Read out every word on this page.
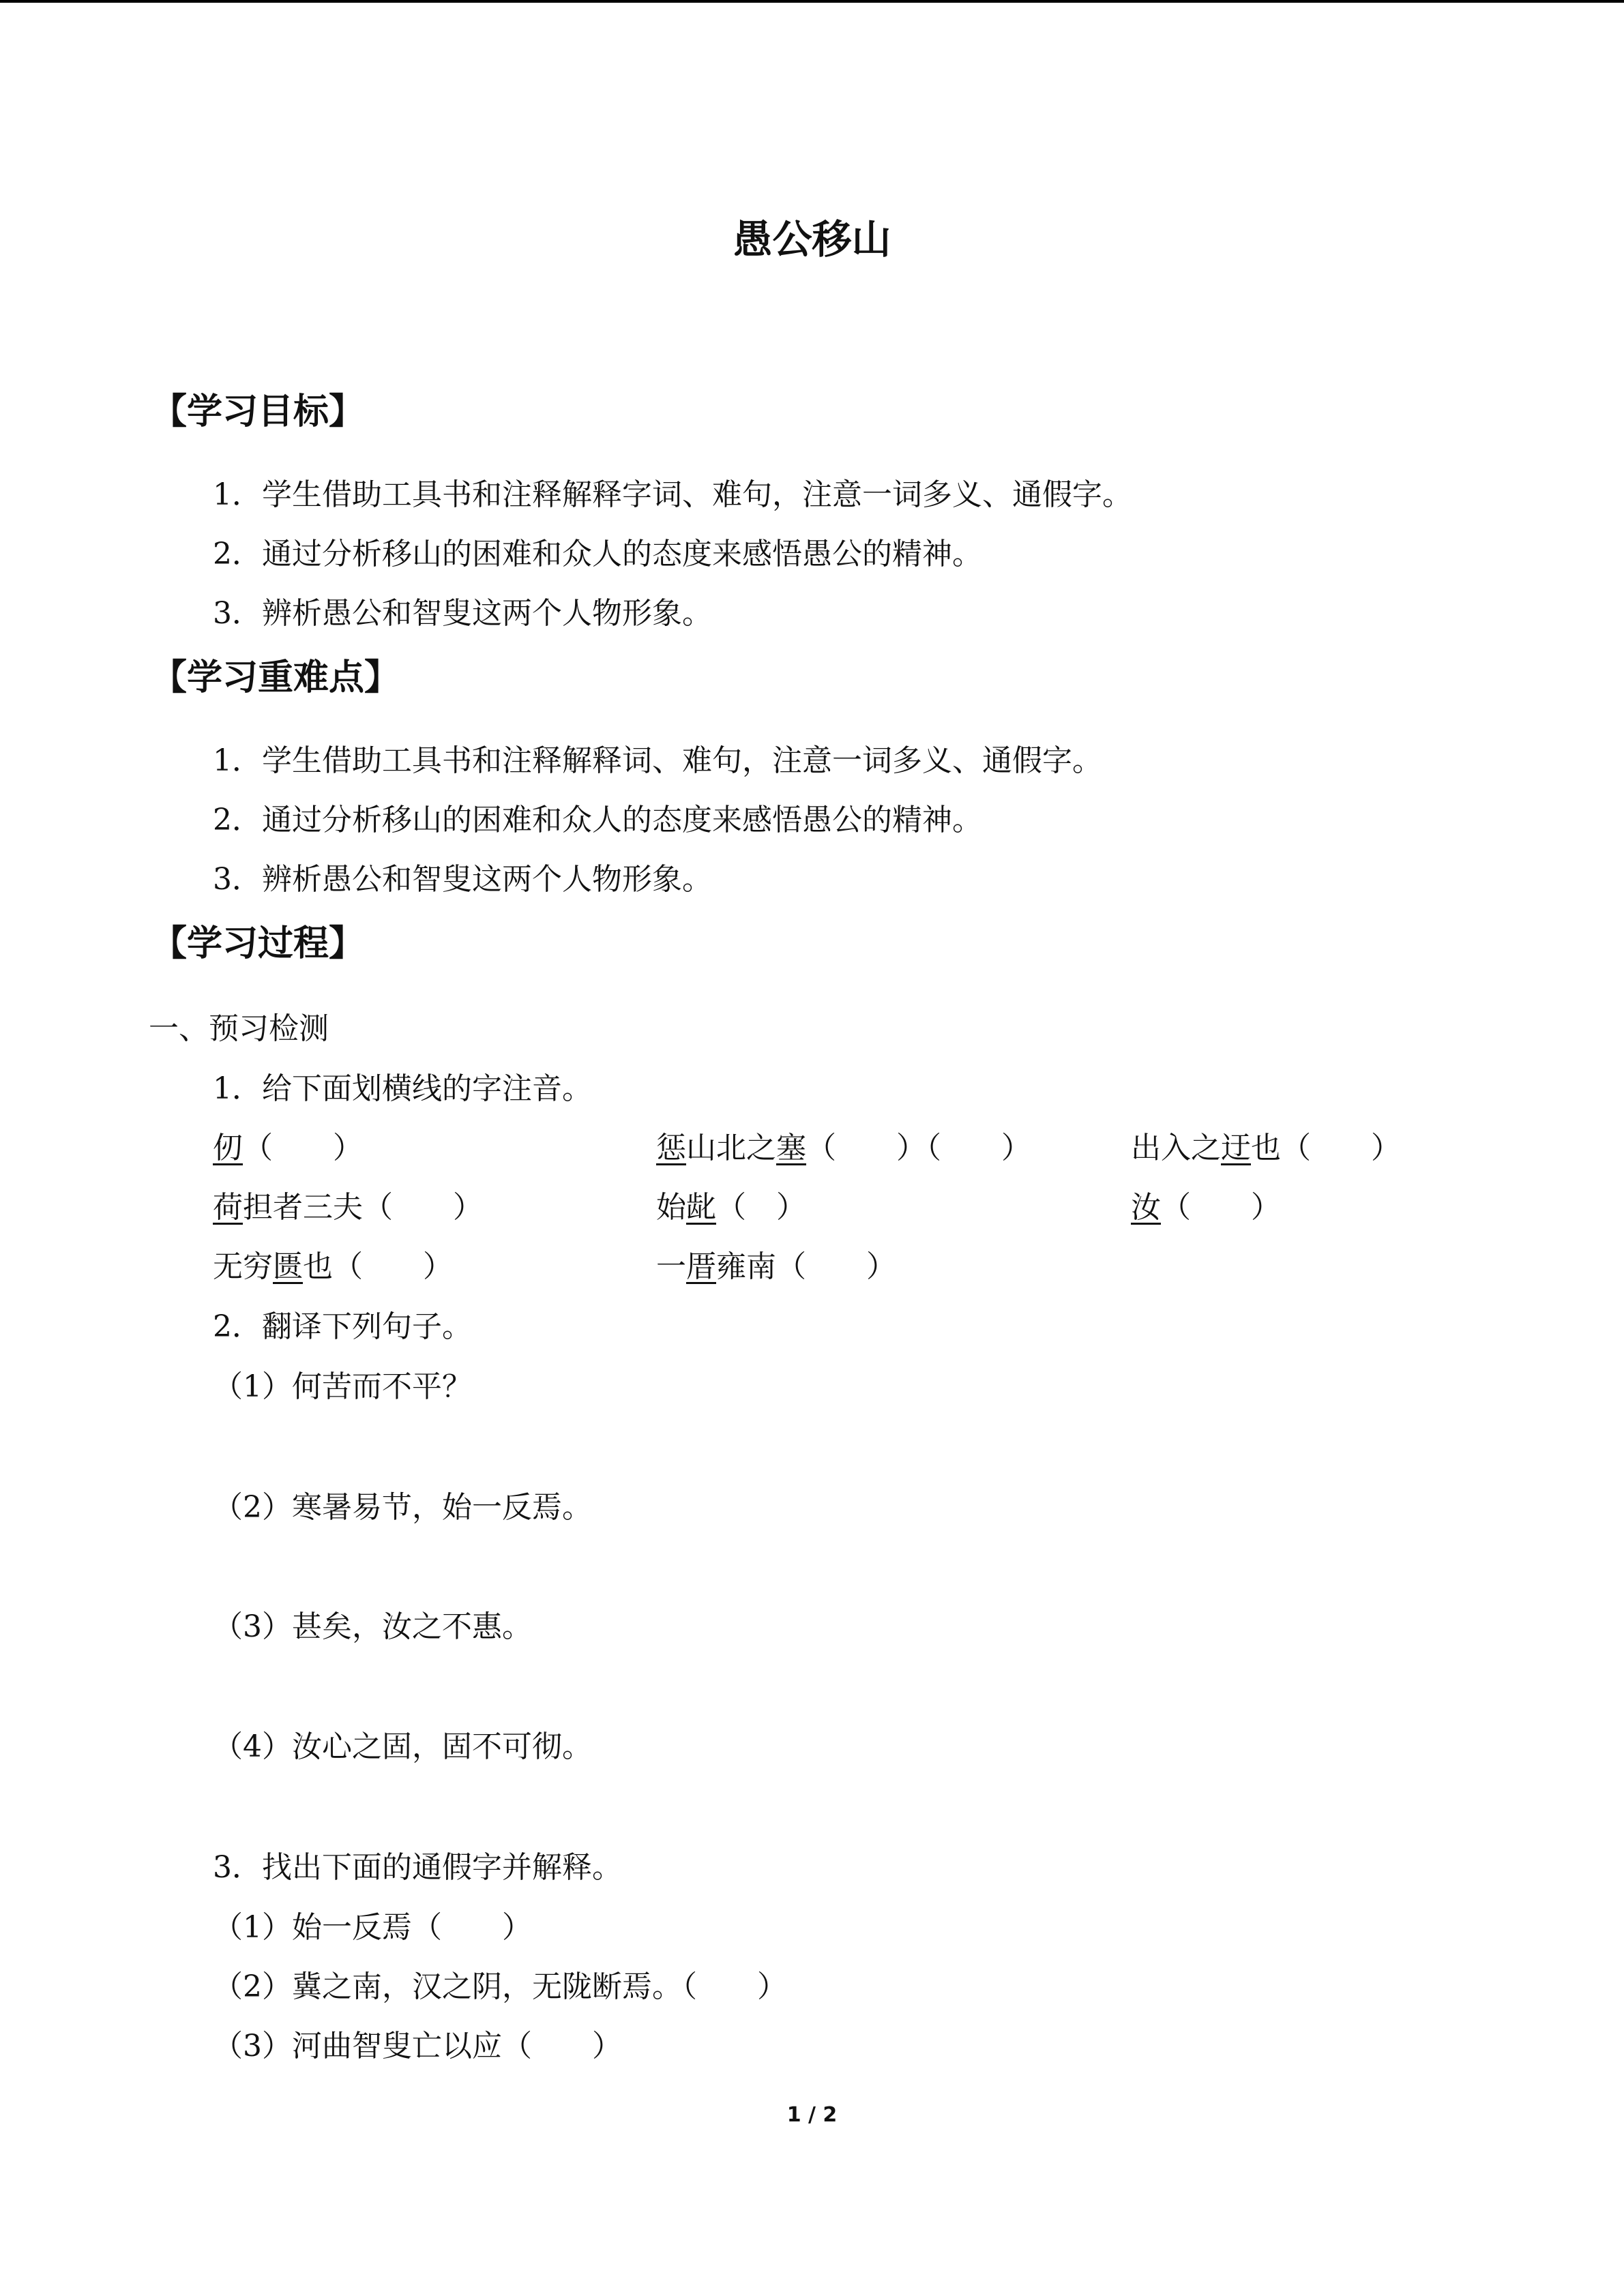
愚公移山
【学习目标】
1．学生借助工具书和注释解释字词、难句，注意一词多义、通假字。
2．通过分析移山的困难和众人的态度来感悟愚公的精神。
3．辨析愚公和智叟这两个人物形象。
【学习重难点】
1．学生借助工具书和注释解释词、难句，注意一词多义、通假字。
2．通过分析移山的困难和众人的态度来感悟愚公的精神。
3．辨析愚公和智叟这两个人物形象。
【学习过程】
一、预习检测
1．给下面划横线的字注音。
仞（　　）	惩山北之塞（　　）（　　）	出入之迂也（　　）
荷担者三夫（　　）	始龀（　）	汝（　　）
无穷匮也（　　）	一厝雍南（　　）
2．翻译下列句子。
（1）何苦而不平？
（2）寒暑易节，始一反焉。
（3）甚矣，汝之不惠。
（4）汝心之固，固不可彻。
3．找出下面的通假字并解释。
（1）始一反焉（　　）
（2）冀之南，汉之阴，无陇断焉。（　　）
（3）河曲智叟亡以应（　　）
1 / 2
